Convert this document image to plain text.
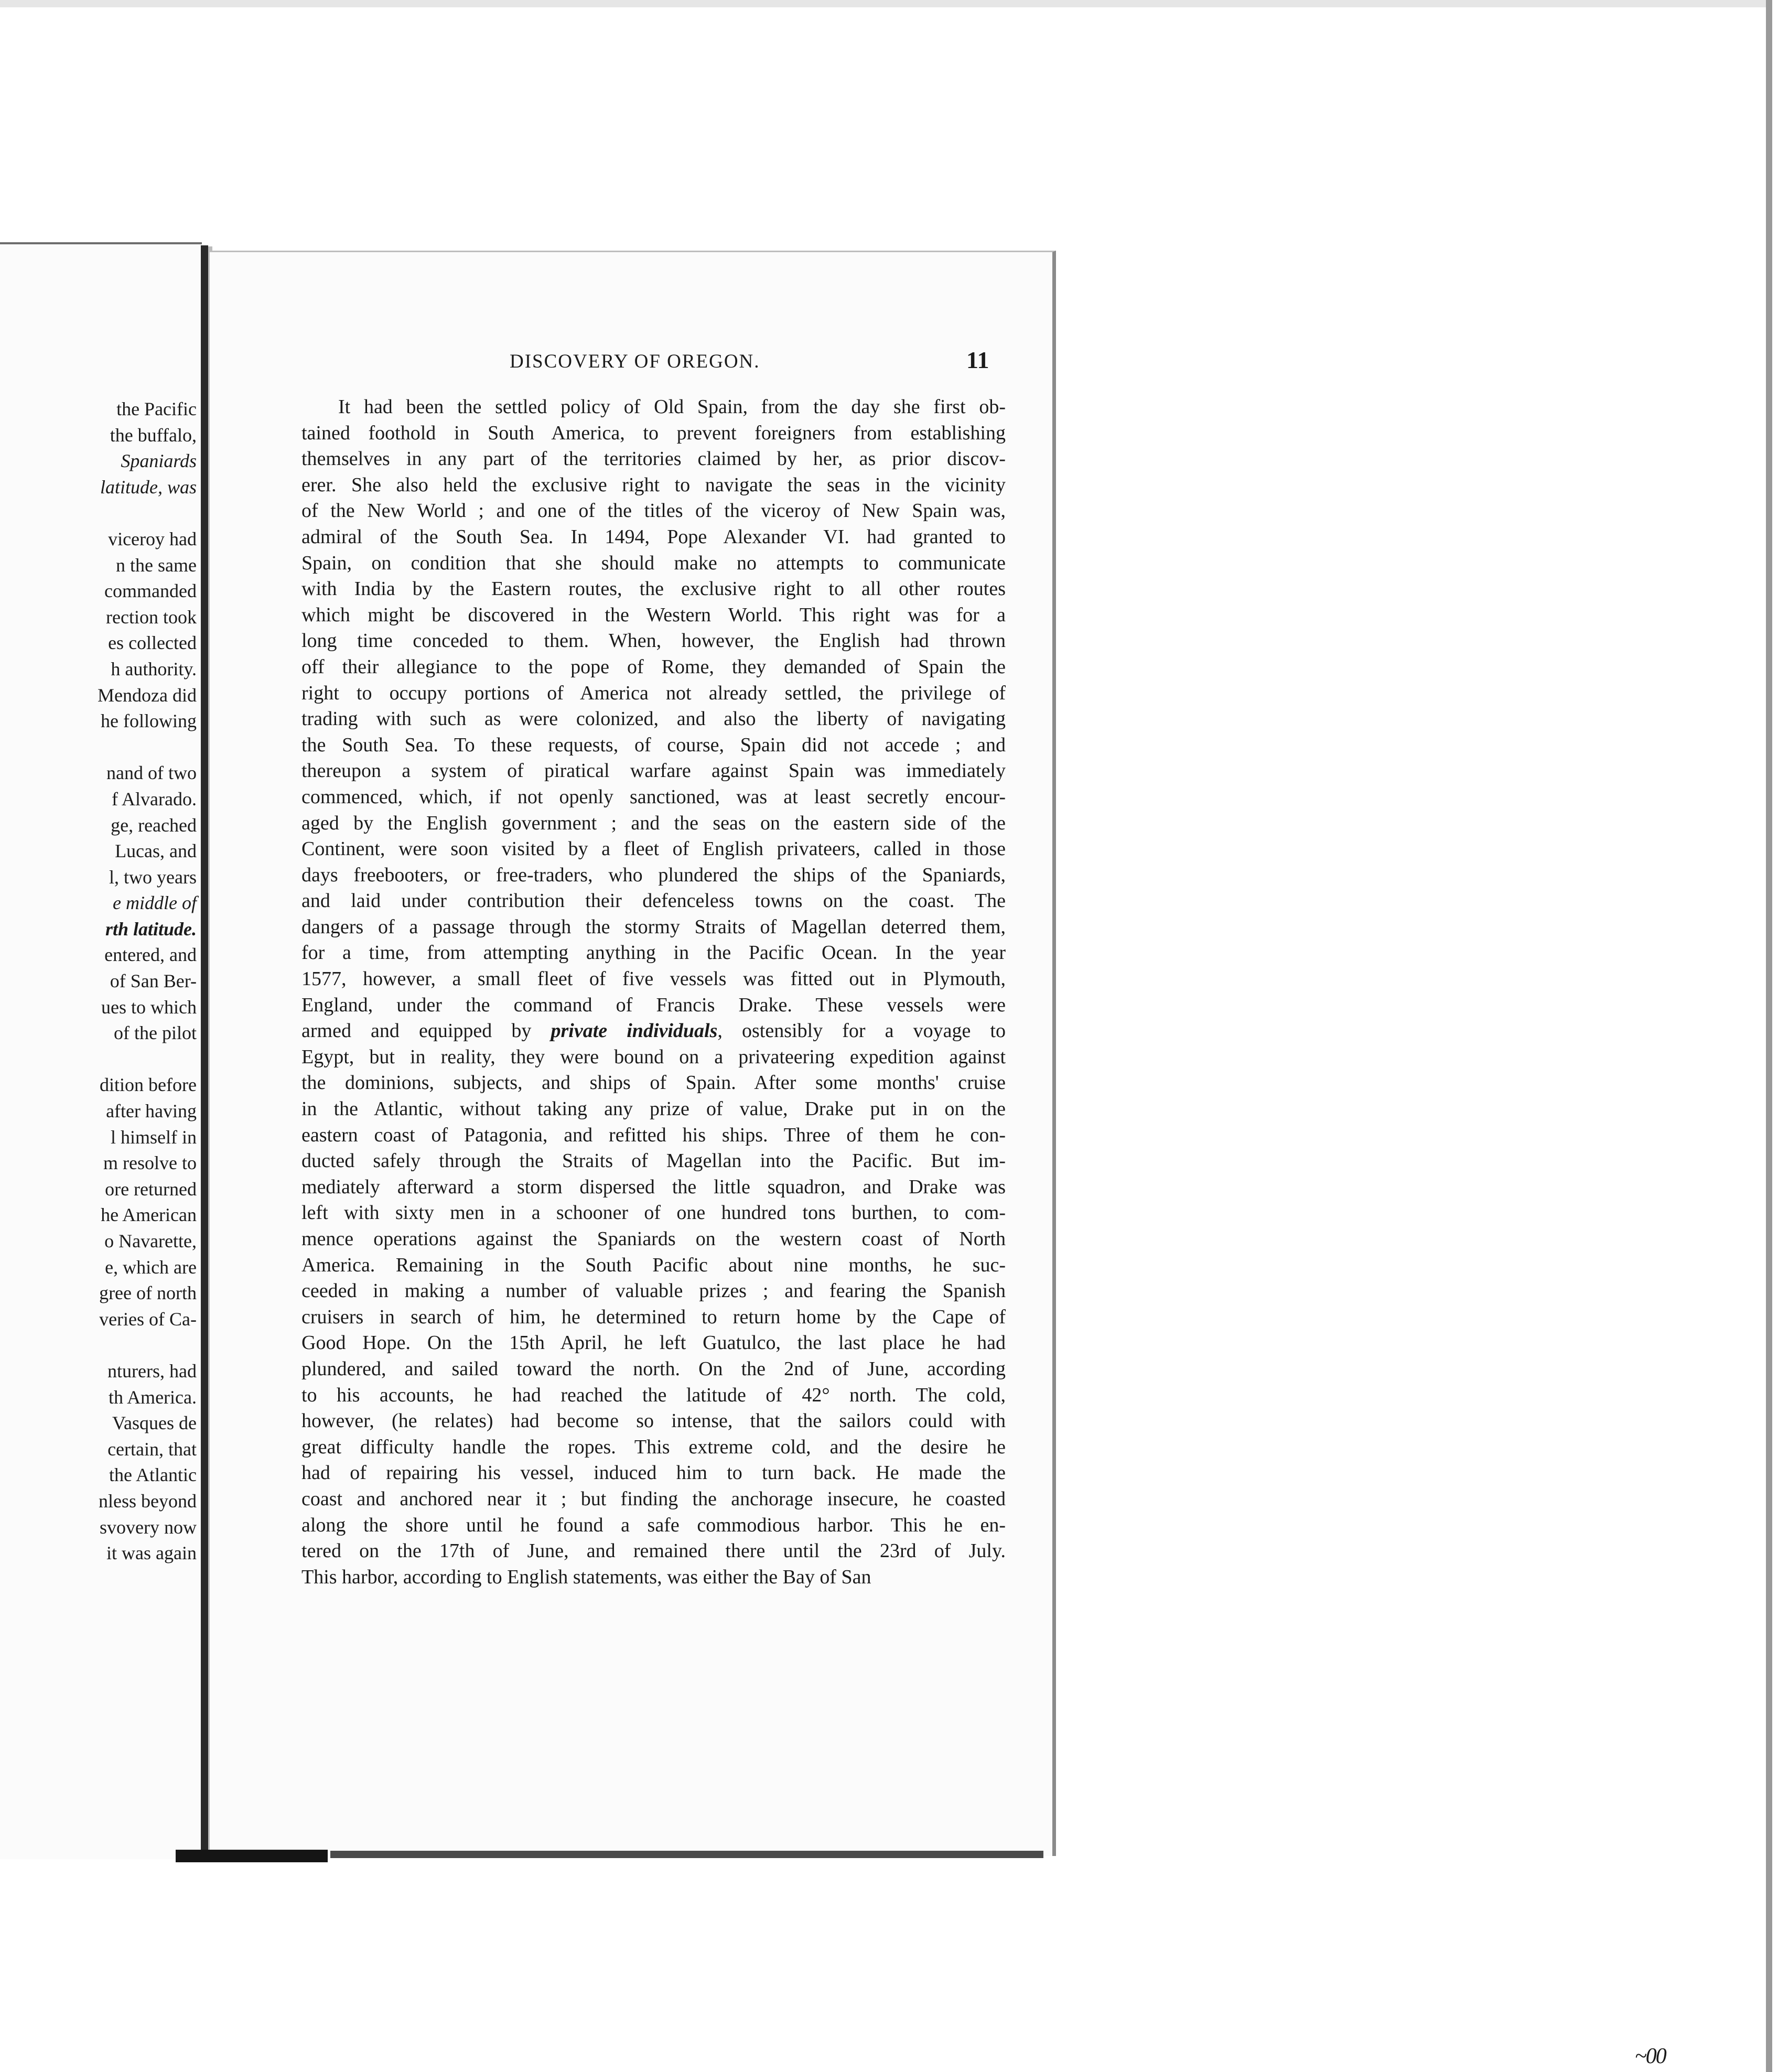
the Pacific
the buffalo,
Spaniards
latitude, was
viceroy had
n the same
commanded
rection took
es collected
h authority.
Mendoza did
he following
nand of two
f Alvarado.
ge, reached
Lucas, and
l, two years
e middle of
rth latitude.
entered, and
of San Ber-
ues to which
of the pilot
dition before
after having
l himself in
m resolve to
ore returned
he American
o Navarette,
e, which are
gree of north
veries of Ca-
nturers, had
th America.
Vasques de
certain, that
the Atlantic
nless beyond
svovery now
it was again
DISCOVERY OF OREGON.	11
It had been the settled policy of Old Spain, from the day she first ob-
tained foothold in South America, to prevent foreigners from establishing
themselves in any part of the territories claimed by her, as prior discov-
erer. She also held the exclusive right to navigate the seas in the vicinity
of the New World ; and one of the titles of the viceroy of New Spain was,
admiral of the South Sea. In 1494, Pope Alexander VI. had granted to
Spain, on condition that she should make no attempts to communicate
with India by the Eastern routes, the exclusive right to all other routes
which might be discovered in the Western World. This right was for a
long time conceded to them. When, however, the English had thrown
off their allegiance to the pope of Rome, they demanded of Spain the
right to occupy portions of America not already settled, the privilege of
trading with such as were colonized, and also the liberty of navigating
the South Sea. To these requests, of course, Spain did not accede ; and
thereupon a system of piratical warfare against Spain was immediately
commenced, which, if not openly sanctioned, was at least secretly encour-
aged by the English government ; and the seas on the eastern side of the
Continent, were soon visited by a fleet of English privateers, called in those
days freebooters, or free-traders, who plundered the ships of the Spaniards,
and laid under contribution their defenceless towns on the coast. The
dangers of a passage through the stormy Straits of Magellan deterred them,
for a time, from attempting anything in the Pacific Ocean. In the year
1577, however, a small fleet of five vessels was fitted out in Plymouth,
England, under the command of Francis Drake. These vessels were
armed and equipped by private individuals, ostensibly for a voyage to
Egypt, but in reality, they were bound on a privateering expedition against
the dominions, subjects, and ships of Spain. After some months' cruise
in the Atlantic, without taking any prize of value, Drake put in on the
eastern coast of Patagonia, and refitted his ships. Three of them he con-
ducted safely through the Straits of Magellan into the Pacific. But im-
mediately afterward a storm dispersed the little squadron, and Drake was
left with sixty men in a schooner of one hundred tons burthen, to com-
mence operations against the Spaniards on the western coast of North
America. Remaining in the South Pacific about nine months, he suc-
ceeded in making a number of valuable prizes ; and fearing the Spanish
cruisers in search of him, he determined to return home by the Cape of
Good Hope. On the 15th April, he left Guatulco, the last place he had
plundered, and sailed toward the north. On the 2nd of June, according
to his accounts, he had reached the latitude of 42° north. The cold,
however, (he relates) had become so intense, that the sailors could with
great difficulty handle the ropes. This extreme cold, and the desire he
had of repairing his vessel, induced him to turn back. He made the
coast and anchored near it ; but finding the anchorage insecure, he coasted
along the shore until he found a safe commodious harbor. This he en-
tered on the 17th of June, and remained there until the 23rd of July.
This harbor, according to English statements, was either the Bay of San
~00
